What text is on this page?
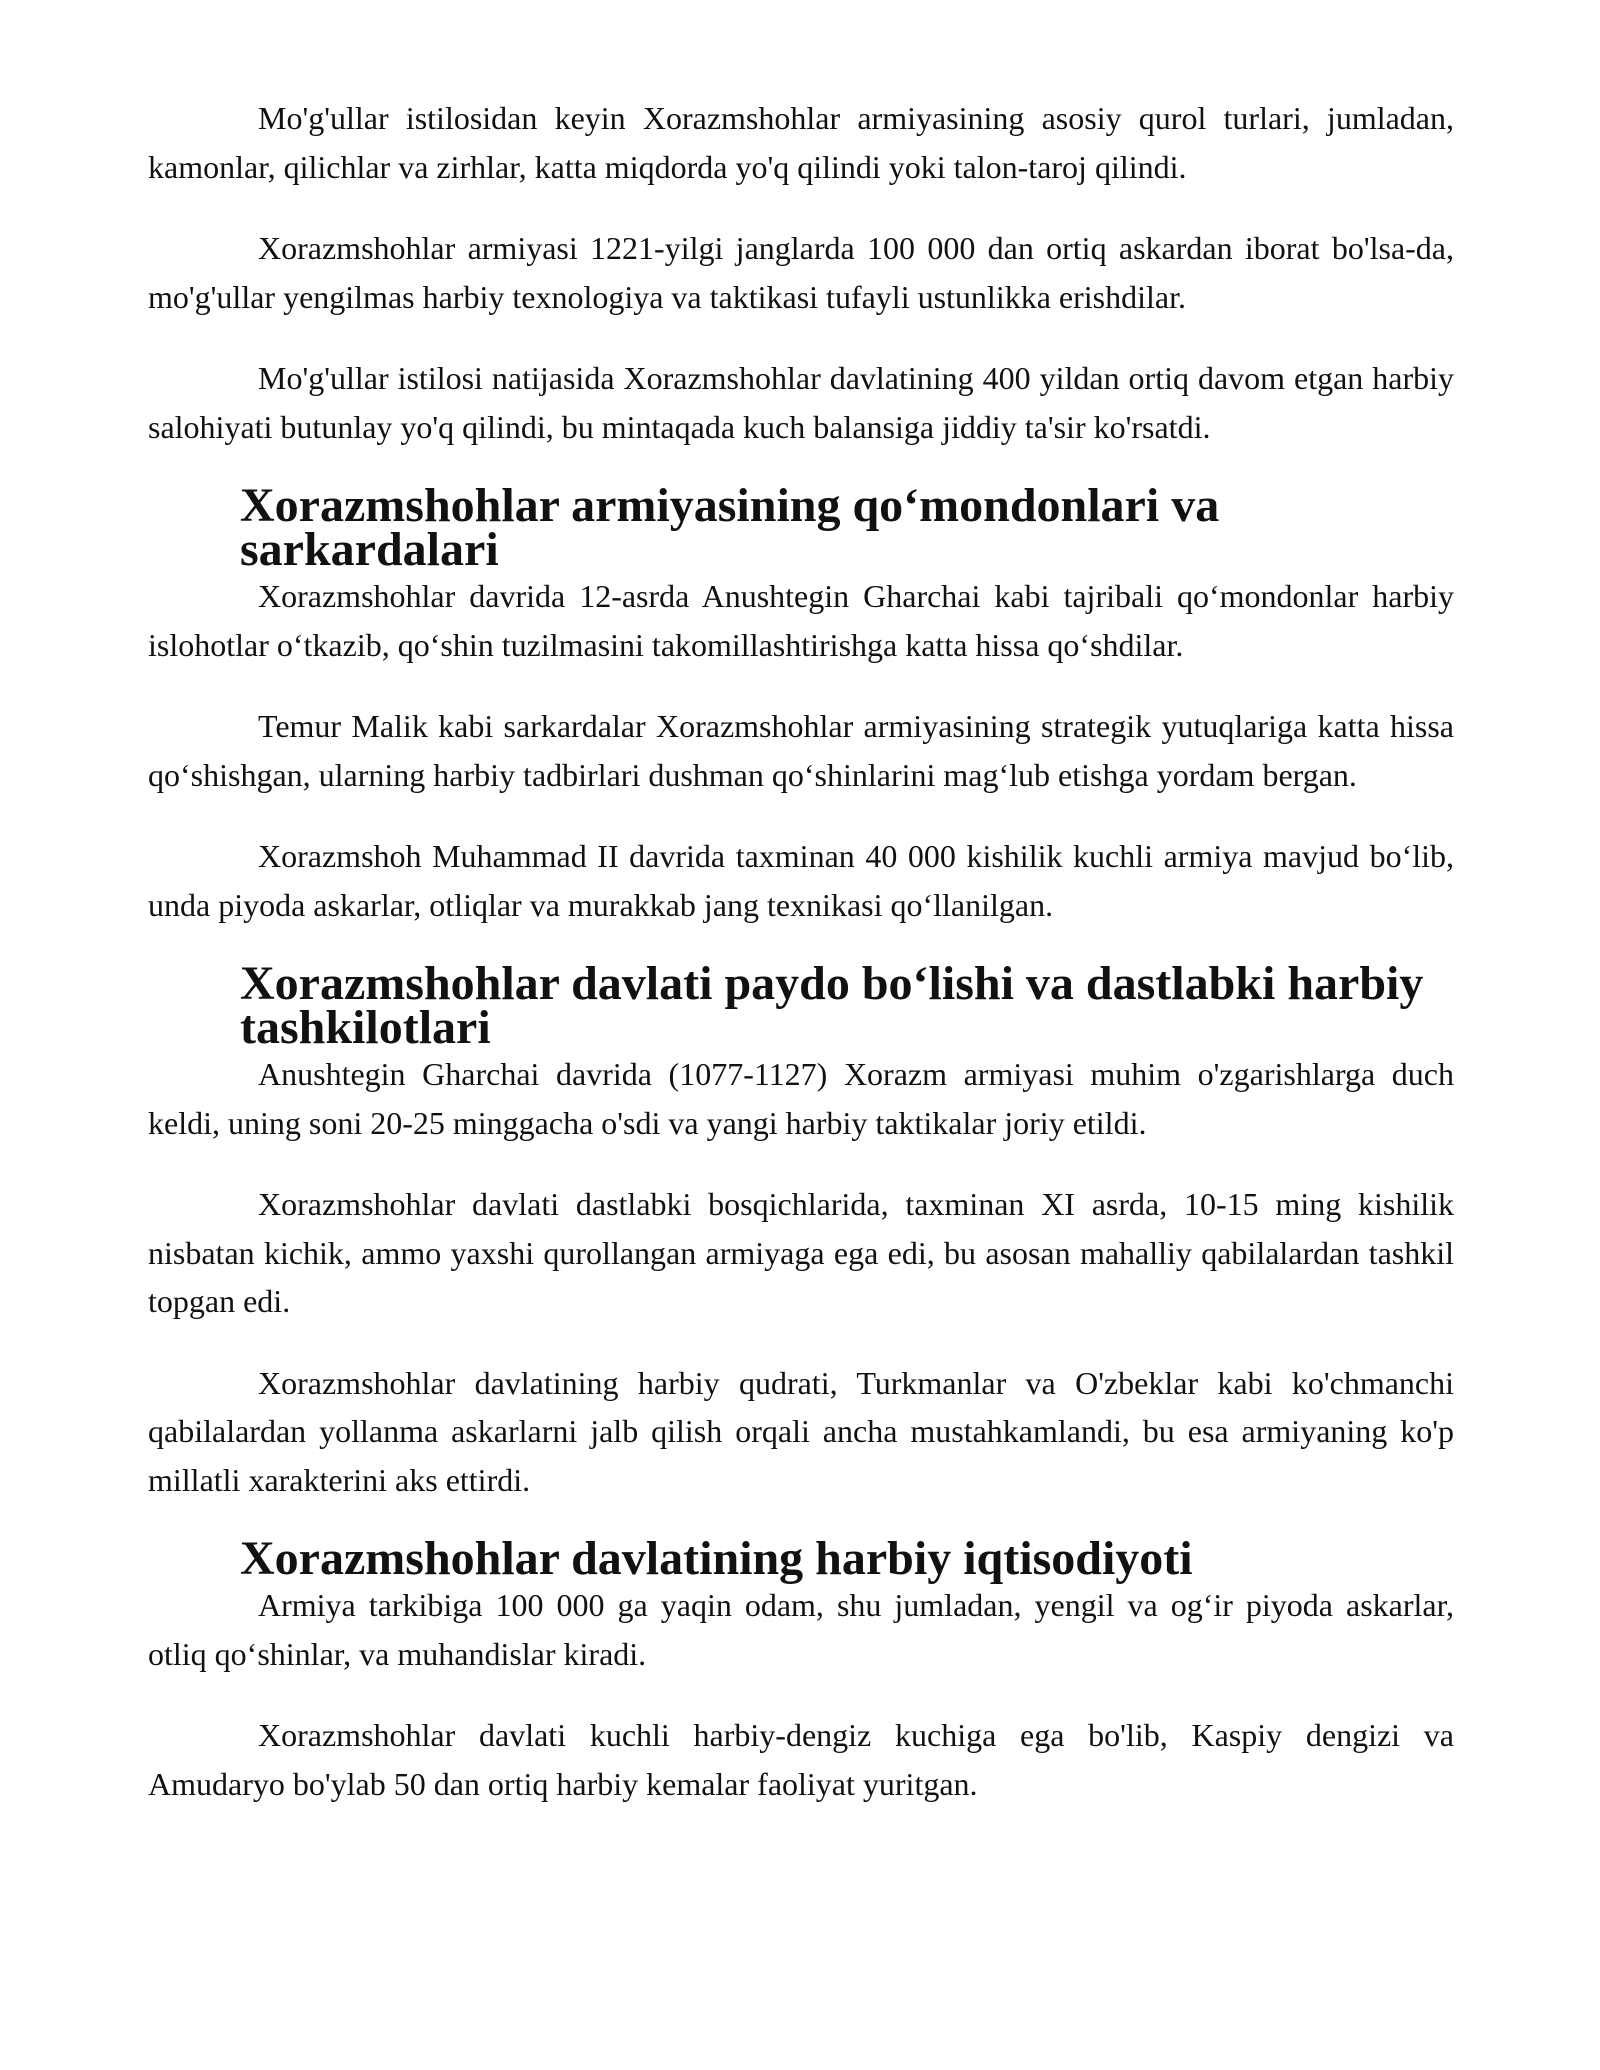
Mo'g'ullar istilosidan keyin Xorazmshohlar armiyasining asosiy qurol turlari, jumladan, kamonlar, qilichlar va zirhlar, katta miqdorda yo'q qilindi yoki talon-taroj qilindi.

Xorazmshohlar armiyasi 1221-yilgi janglarda 100 000 dan ortiq askardan iborat bo'lsa-da, mo'g'ullar yengilmas harbiy texnologiya va taktikasi tufayli ustunlikka erishdilar.

Mo'g'ullar istilosi natijasida Xorazmshohlar davlatining 400 yildan ortiq davom etgan harbiy salohiyati butunlay yo'q qilindi, bu mintaqada kuch balansiga jiddiy ta'sir ko'rsatdi.

Xorazmshohlar armiyasining qo‘mondonlari va sarkardalari

Xorazmshohlar davrida 12-asrda Anushtegin Gharchai kabi tajribali qo‘mondonlar harbiy islohotlar o‘tkazib, qo‘shin tuzilmasini takomillashtirishga katta hissa qo‘shdilar.

Temur Malik kabi sarkardalar Xorazmshohlar armiyasining strategik yutuqlariga katta hissa qo‘shishgan, ularning harbiy tadbirlari dushman qo‘shinlarini mag‘lub etishga yordam bergan.

Xorazmshoh Muhammad II davrida taxminan 40 000 kishilik kuchli armiya mavjud bo‘lib, unda piyoda askarlar, otliqlar va murakkab jang texnikasi qo‘llanilgan.

Xorazmshohlar davlati paydo bo‘lishi va dastlabki harbiy tashkilotlari

Anushtegin Gharchai davrida (1077-1127) Xorazm armiyasi muhim o'zgarishlarga duch keldi, uning soni 20-25 minggacha o'sdi va yangi harbiy taktikalar joriy etildi.

Xorazmshohlar davlati dastlabki bosqichlarida, taxminan XI asrda, 10-15 ming kishilik nisbatan kichik, ammo yaxshi qurollangan armiyaga ega edi, bu asosan mahalliy qabilalardan tashkil topgan edi.

Xorazmshohlar davlatining harbiy qudrati, Turkmanlar va O'zbeklar kabi ko'chmanchi qabilalardan yollanma askarlarni jalb qilish orqali ancha mustahkamlandi, bu esa armiyaning ko'p millatli xarakterini aks ettirdi.

Xorazmshohlar davlatining harbiy iqtisodiyoti

Armiya tarkibiga 100 000 ga yaqin odam, shu jumladan, yengil va og‘ir piyoda askarlar, otliq qo‘shinlar, va muhandislar kiradi.

Xorazmshohlar davlati kuchli harbiy-dengiz kuchiga ega bo'lib, Kaspiy dengizi va Amudaryo bo'ylab 50 dan ortiq harbiy kemalar faoliyat yuritgan.
